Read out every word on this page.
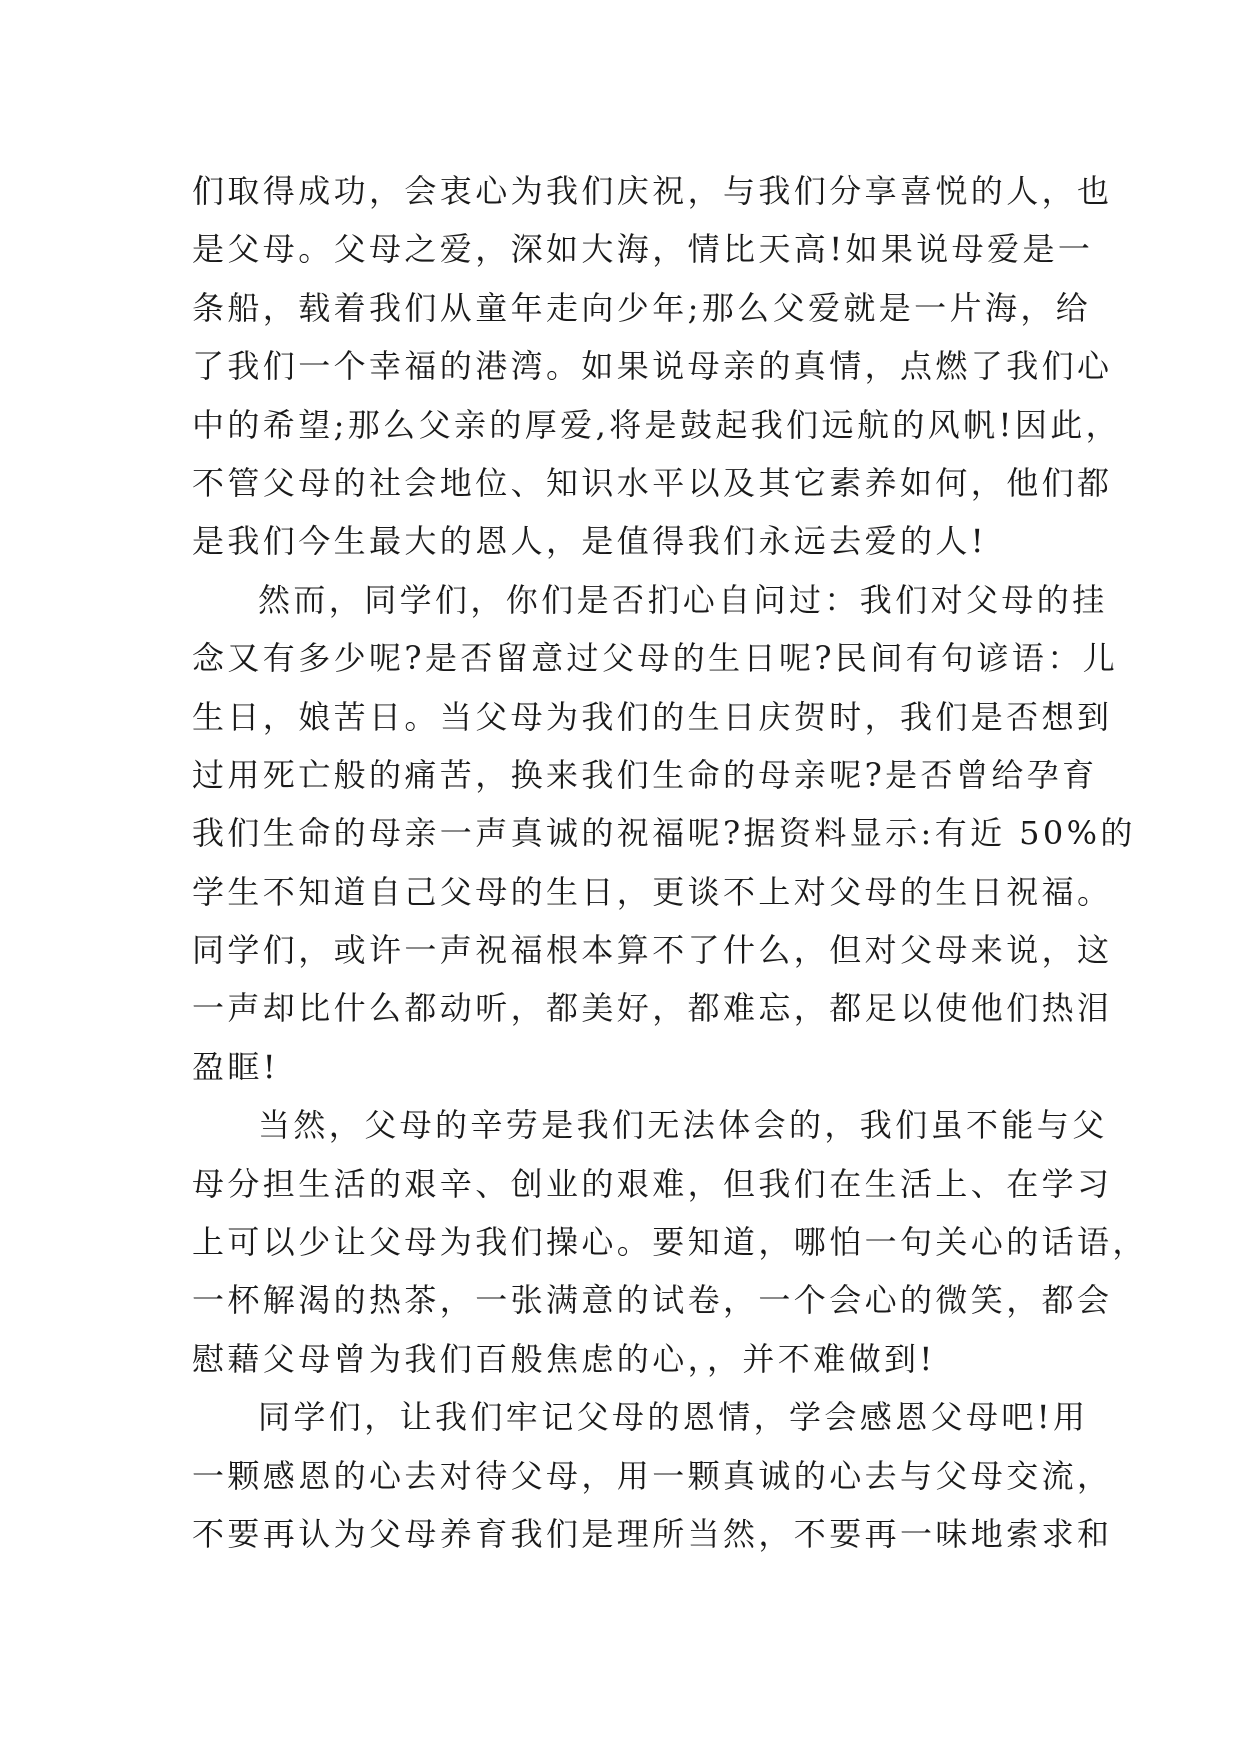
们取得成功，会衷心为我们庆祝，与我们分享喜悦的人，也
是父母。父母之爱，深如大海，情比天高!如果说母爱是一
条船，载着我们从童年走向少年;那么父爱就是一片海，给
了我们一个幸福的港湾。如果说母亲的真情，点燃了我们心
中的希望;那么父亲的厚爱,将是鼓起我们远航的风帆!因此，
不管父母的社会地位、知识水平以及其它素养如何，他们都
是我们今生最大的恩人，是值得我们永远去爱的人!
然而，同学们，你们是否扪心自问过：我们对父母的挂
念又有多少呢?是否留意过父母的生日呢?民间有句谚语：儿
生日，娘苦日。当父母为我们的生日庆贺时，我们是否想到
过用死亡般的痛苦，换来我们生命的母亲呢?是否曾给孕育
我们生命的母亲一声真诚的祝福呢?据资料显示:有近 50%的
学生不知道自己父母的生日，更谈不上对父母的生日祝福。
同学们，或许一声祝福根本算不了什么，但对父母来说，这
一声却比什么都动听，都美好，都难忘，都足以使他们热泪
盈眶!
当然，父母的辛劳是我们无法体会的，我们虽不能与父
母分担生活的艰辛、创业的艰难，但我们在生活上、在学习
上可以少让父母为我们操心。要知道，哪怕一句关心的话语，
一杯解渴的热茶，一张满意的试卷，一个会心的微笑，都会
慰藉父母曾为我们百般焦虑的心，，并不难做到!
同学们，让我们牢记父母的恩情，学会感恩父母吧!用
一颗感恩的心去对待父母，用一颗真诚的心去与父母交流，
不要再认为父母养育我们是理所当然，不要再一味地索求和
